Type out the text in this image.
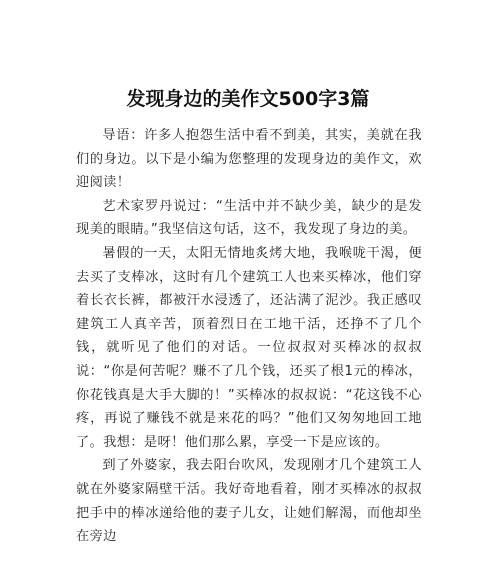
发现身边的美作文500字3篇

导语：许多人抱怨生活中看不到美，其实，美就在我们的身边。以下是小编为您整理的发现身边的美作文，欢迎阅读！

艺术家罗丹说过：“生活中并不缺少美，缺少的是发现美的眼睛。”我坚信这句话，这不，我发现了身边的美。

暑假的一天，太阳无情地炙烤大地，我喉咙干渴，便去买了支棒冰，这时有几个建筑工人也来买棒冰，他们穿着长衣长裤，都被汗水浸透了，还沾满了泥沙。我正感叹建筑工人真辛苦，顶着烈日在工地干活，还挣不了几个钱，就听见了他们的对话。一位叔叔对买棒冰的叔叔说：“你是何苦呢？赚不了几个钱，还买了根1元的棒冰，你花钱真是大手大脚的！”买棒冰的叔叔说：“花这钱不心疼，再说了赚钱不就是来花的吗？”他们又匆匆地回工地了。我想：是呀！他们那么累，享受一下是应该的。

到了外婆家，我去阳台吹风，发现刚才几个建筑工人就在外婆家隔壁干活。我好奇地看着，刚才买棒冰的叔叔把手中的棒冰递给他的妻子儿女，让她们解渴，而他却坐在旁边
